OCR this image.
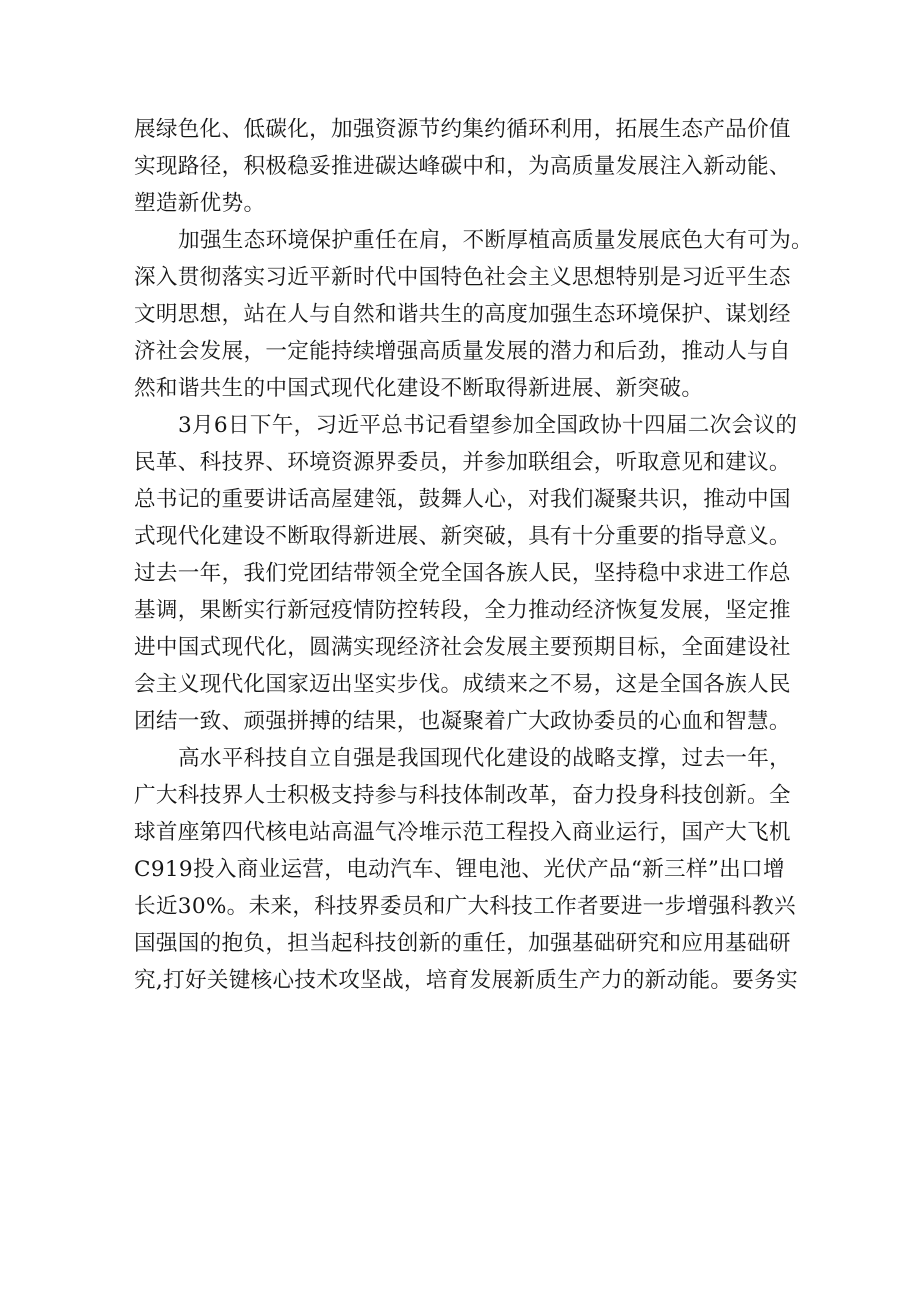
展绿色化、低碳化，加强资源节约集约循环利用，拓展生态产品价值
实现路径，积极稳妥推进碳达峰碳中和，为高质量发展注入新动能、
塑造新优势。
加强生态环境保护重任在肩，不断厚植高质量发展底色大有可为。
深入贯彻落实习近平新时代中国特色社会主义思想特别是习近平生态
文明思想，站在人与自然和谐共生的高度加强生态环境保护、谋划经
济社会发展，一定能持续增强高质量发展的潜力和后劲，推动人与自
然和谐共生的中国式现代化建设不断取得新进展、新突破。
3月6日下午，习近平总书记看望参加全国政协十四届二次会议的
民革、科技界、环境资源界委员，并参加联组会，听取意见和建议。
总书记的重要讲话高屋建瓴，鼓舞人心，对我们凝聚共识，推动中国
式现代化建设不断取得新进展、新突破，具有十分重要的指导意义。
过去一年，我们党团结带领全党全国各族人民，坚持稳中求进工作总
基调，果断实行新冠疫情防控转段，全力推动经济恢复发展，坚定推
进中国式现代化，圆满实现经济社会发展主要预期目标，全面建设社
会主义现代化国家迈出坚实步伐。成绩来之不易，这是全国各族人民
团结一致、顽强拼搏的结果，也凝聚着广大政协委员的心血和智慧。
高水平科技自立自强是我国现代化建设的战略支撑，过去一年，
广大科技界人士积极支持参与科技体制改革，奋力投身科技创新。全
球首座第四代核电站高温气冷堆示范工程投入商业运行，国产大飞机
C919投入商业运营，电动汽车、锂电池、光伏产品“新三样”出口增
长近30%。未来，科技界委员和广大科技工作者要进一步增强科教兴
国强国的抱负，担当起科技创新的重任，加强基础研究和应用基础研
究,打好关键核心技术攻坚战，培育发展新质生产力的新动能。要务实
